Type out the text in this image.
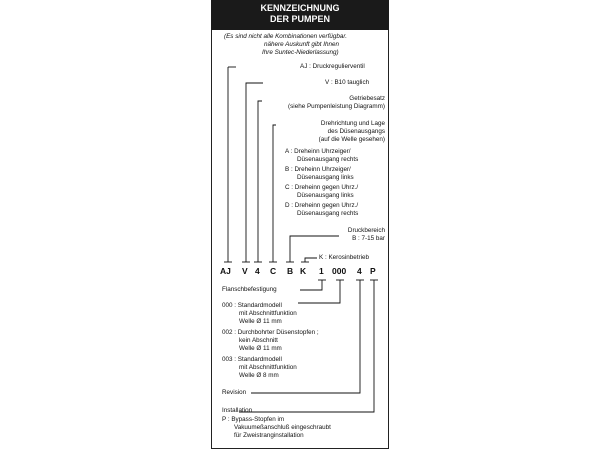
KENNZEICHNUNG
DER PUMPEN
(Es sind nicht alle Kombinationen verfügbar.
nähere Auskunft gibt Ihnen
Ihre Suntec-Niederlassung)
AJ : Druckregulierventil
V : B10 tauglich
Getriebesatz
(siehe Pumpenleistung Diagramm)
Drehrichtung und Lage
des Düsenausgangs
(auf die Welle gesehen)
A : Dreheinn Uhrzeiger/
Düsenausgang rechts
B : Dreheinn Uhrzeiger/
Düsenausgang links
C : Dreheinn gegen Uhrz./
Düsenausgang links
D : Dreheinn gegen Uhrz./
Düsenausgang rechts
Druckbereich
B : 7-15 bar
K : Kerosinbetrieb
AJ V 4 C B K 1 000 4 P
Flanschbefestigung
000 : Standardmodell
mit Abschnittfunktion
Welle Ø 11 mm
002 : Durchbohrter Düsenstopfen ;
kein Abschnitt
Welle Ø 11 mm
003 : Standardmodell
mit Abschnittfunktion
Welle Ø 8 mm
Revision
Installation
P : Bypass-Stopfen im
Vakuumeßanschluß eingeschraubt
für Zweistranginstallation
